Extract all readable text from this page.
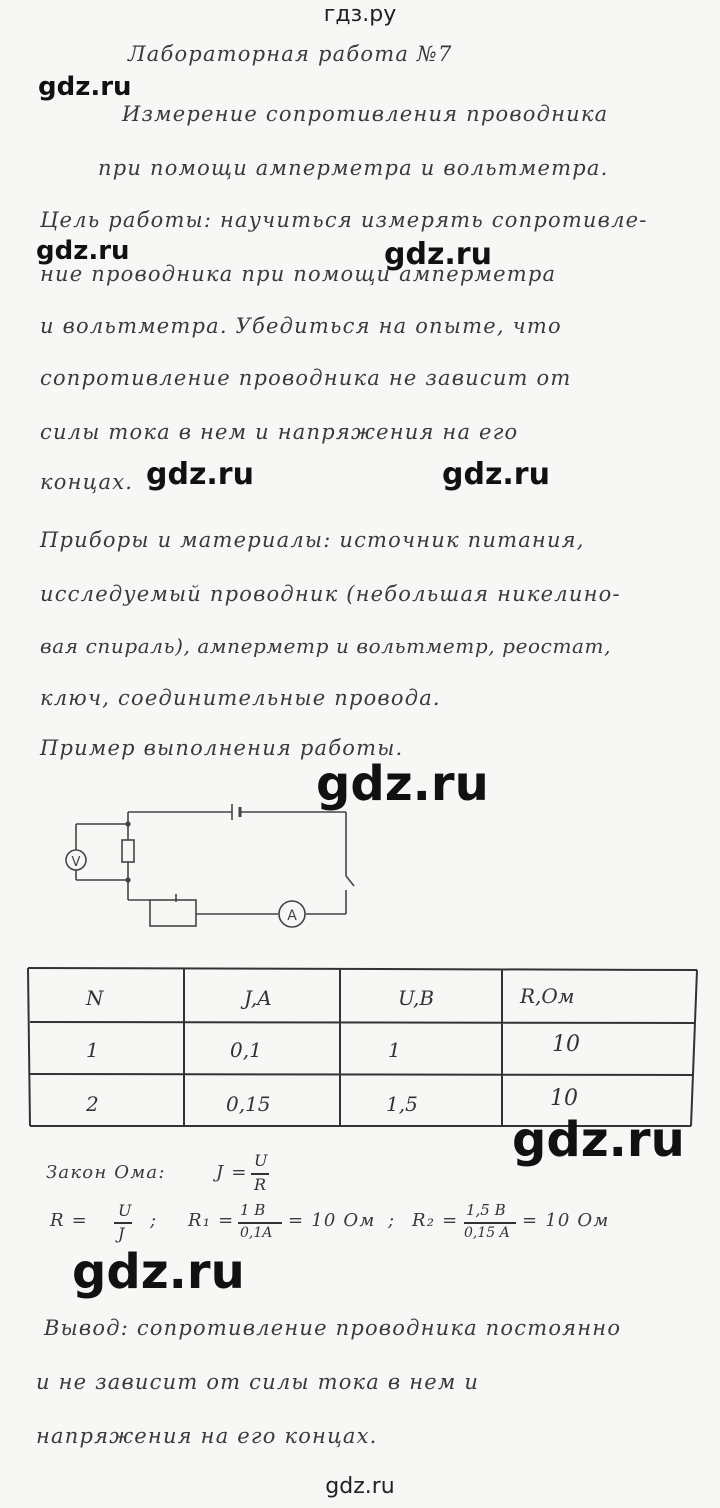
гдз.ру
Лабораторная работа №7
Измерение сопротивления проводника
при помощи амперметра и вольтметра.
Цель работы: научиться измерять сопротивле-
ние проводника при помощи амперметра
и вольтметра. Убедиться на опыте, что
сопротивление проводника не зависит от
силы тока в нем и напряжения на его
концах.
Приборы и материалы: источник питания,
исследуемый проводник (небольшая никелино-
вая спираль), амперметр и вольтметр, реостат,
ключ, соединительные провода.
Пример выполнения работы.
V
A
N	J,A	U,B	R,Ом
1	0,1	1	10
2	0,15	1,5	10
Закон Ома:	J =
U
R
R = U
J
; R₁ = 1 B
0,1A
= 10 Ом ; R₂ = 1,5 B
0,15 A
= 10 Ом
Вывод: сопротивление проводника постоянно
и не зависит от силы тока в нем и
напряжения на его концах.
gdz.ru
gdz.ru	gdz.ru
gdz.ru	gdz.ru
gdz.ru
gdz.ru
gdz.ru
gdz.ru
